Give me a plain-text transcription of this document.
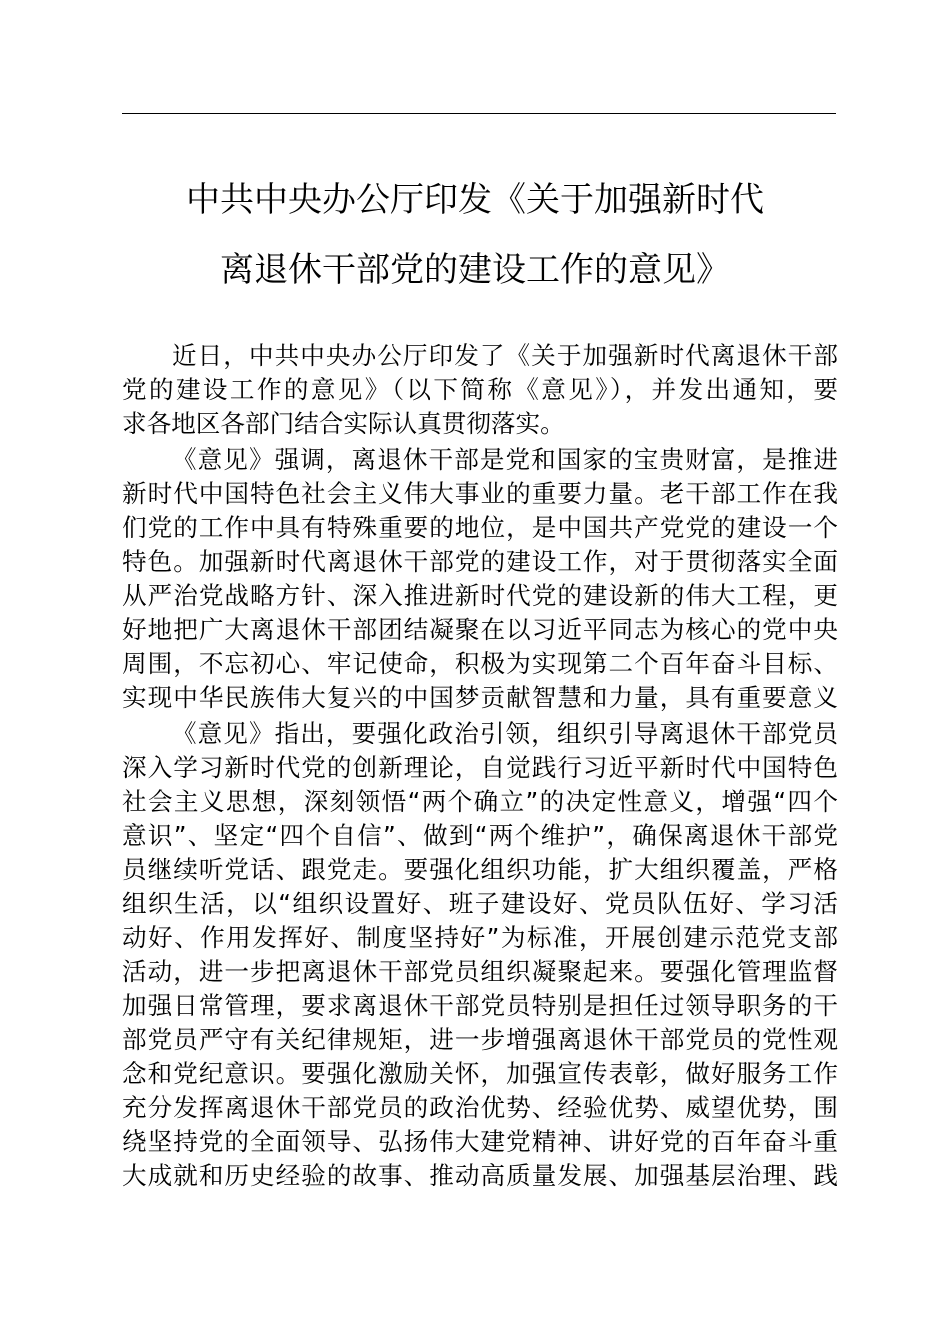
中共中央办公厅印发《关于加强新时代
离退休干部党的建设工作的意见》
近日，中共中央办公厅印发了《关于加强新时代离退休干部
党的建设工作的意见》（以下简称《意见》），并发出通知，要
求各地区各部门结合实际认真贯彻落实。
《意见》强调，离退休干部是党和国家的宝贵财富，是推进
新时代中国特色社会主义伟大事业的重要力量。老干部工作在我
们党的工作中具有特殊重要的地位，是中国共产党党的建设一个
特色。加强新时代离退休干部党的建设工作，对于贯彻落实全面
从严治党战略方针、深入推进新时代党的建设新的伟大工程，更
好地把广大离退休干部团结凝聚在以习近平同志为核心的党中央
周围，不忘初心、牢记使命，积极为实现第二个百年奋斗目标、
实现中华民族伟大复兴的中国梦贡献智慧和力量，具有重要意义
《意见》指出，要强化政治引领，组织引导离退休干部党员
深入学习新时代党的创新理论，自觉践行习近平新时代中国特色
社会主义思想，深刻领悟“两个确立”的决定性意义，增强“四个
意识”、坚定“四个自信”、做到“两个维护”，确保离退休干部党
员继续听党话、跟党走。要强化组织功能，扩大组织覆盖，严格
组织生活，以“组织设置好、班子建设好、党员队伍好、学习活
动好、作用发挥好、制度坚持好”为标准，开展创建示范党支部
活动，进一步把离退休干部党员组织凝聚起来。要强化管理监督
加强日常管理，要求离退休干部党员特别是担任过领导职务的干
部党员严守有关纪律规矩，进一步增强离退休干部党员的党性观
念和党纪意识。要强化激励关怀，加强宣传表彰，做好服务工作
充分发挥离退休干部党员的政治优势、经验优势、威望优势，围
绕坚持党的全面领导、弘扬伟大建党精神、讲好党的百年奋斗重
大成就和历史经验的故事、推动高质量发展、加强基层治理、践
